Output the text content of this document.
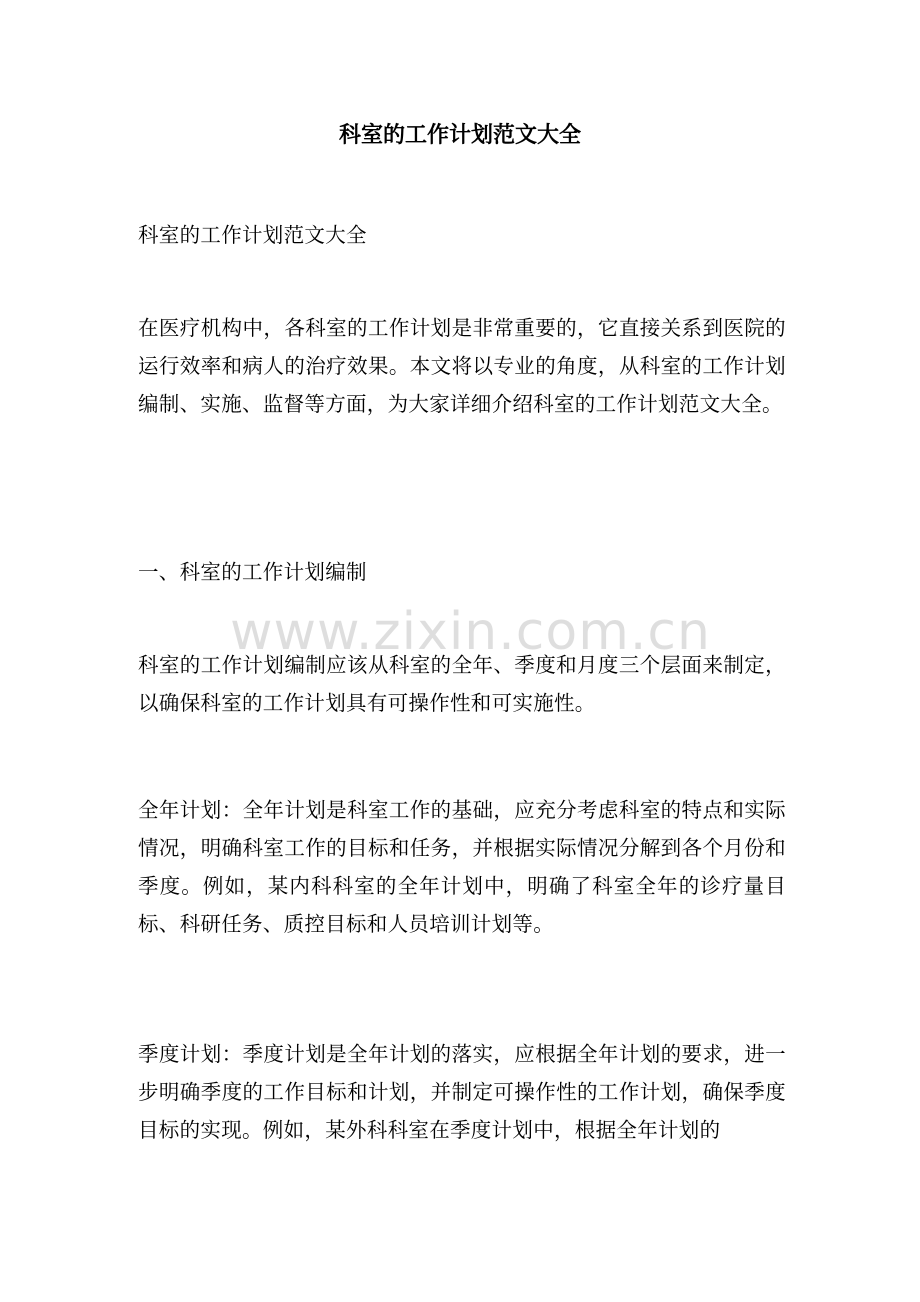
科室的工作计划范文大全

科室的工作计划范文大全

在医疗机构中，各科室的工作计划是非常重要的，它直接关系到医院的运行效率和病人的治疗效果。本文将以专业的角度，从科室的工作计划编制、实施、监督等方面，为大家详细介绍科室的工作计划范文大全。

一、科室的工作计划编制

www.zixin.com.cn

科室的工作计划编制应该从科室的全年、季度和月度三个层面来制定，以确保科室的工作计划具有可操作性和可实施性。

全年计划：全年计划是科室工作的基础，应充分考虑科室的特点和实际情况，明确科室工作的目标和任务，并根据实际情况分解到各个月份和季度。例如，某内科科室的全年计划中，明确了科室全年的诊疗量目标、科研任务、质控目标和人员培训计划等。

季度计划：季度计划是全年计划的落实，应根据全年计划的要求，进一步明确季度的工作目标和计划，并制定可操作性的工作计划，确保季度目标的实现。例如，某外科科室在季度计划中，根据全年计划的
